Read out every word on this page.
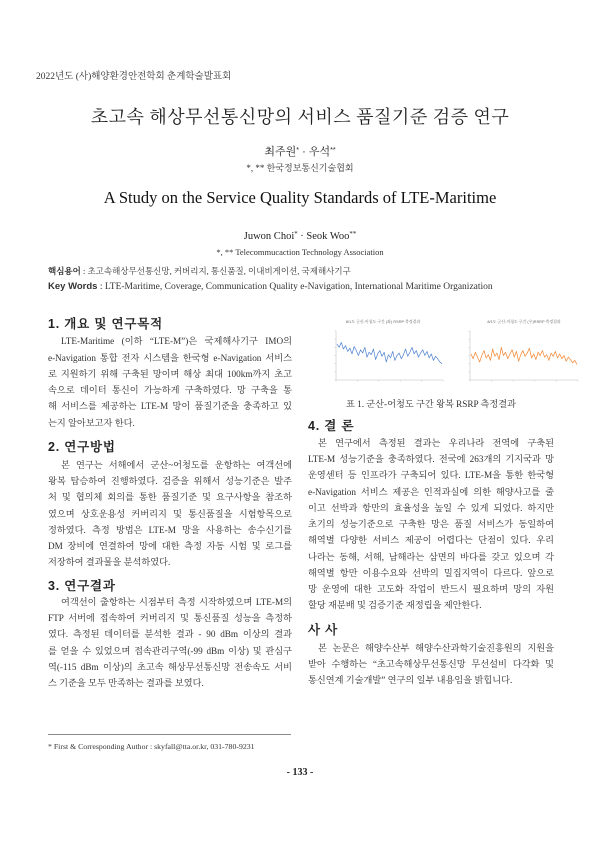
2022년도 (사)해양환경안전학회 춘계학술발표회
초고속 해상무선통신망의 서비스 품질기준 검증 연구
최주원* · 우석**
*, ** 한국정보통신기술협회
A Study on the Service Quality Standards of LTE-Maritime
Juwon Choi* · Seok Woo**
*, ** Telecommucaction Technology Association
핵심용어 : 초고속해상무선통신망, 커버리지, 통신품질, 이내비게이션, 국제해사기구
Key Words : LTE-Maritime, Coverage, Communication Quality e-Navigation, International Maritime Organization
1. 개요 및 연구목적
LTE-Maritime (이하 “LTE-M”)은 국제해사기구 IMO의
e-Navigation 통합 전자 시스템을 한국형 e-Navigation 서비스
로 지원하기 위해 구축된 망이며 해상 최대 100km까지 초고
속으로 데이터 통신이 가능하게 구축하였다. 망 구축을 통
해 서비스를 제공하는 LTE-M 망이 품질기준을 충족하고 있
는지 알아보고자 한다.
2. 연구방법
본 연구는 서해에서 군산~어청도를 운항하는 여객선에
왕복 탑승하여 진행하였다. 검증을 위해서 성능기준은 발주
처 및 협의체 회의를 통한 품질기준 및 요구사항을 참조하
였으며 상호운용성 커버리지 및 통신품질을 시험항목으로
정하였다. 측정 방법은 LTE-M 망을 사용하는 송수신기를
DM 장비에 연결하여 망에 대한 측정 자동 시험 및 로그를
저장하여 결과물을 분석하였다.
3. 연구결과
여객선이 출항하는 시점부터 측정 시작하였으며 LTE-M의
FTP 서버에 접속하여 커버리지 및 통신품질 성능을 측정하
였다. 측정된 데이터를 분석한 결과 - 90 dBm 이상의 결과
를 얻을 수 있었으며 접속관리구역(-99 dBm 이상) 및 관심구
역(-115 dBm 이상)의 초고속 해상무선통신망 전송속도 서비
스 기준을 모두 만족하는 결과를 보였다.
8/1도 군산-어청도 구간 (좌) RSRP 측정결과	8/1도 군산-어청도 구간 (우)RSRP 측정결과
표 1. 군산-어청도 구간 왕복 RSRP 측정결과
4. 결 론
본 연구에서 측정된 결과는 우리나라 전역에 구축된
LTE-M 성능기준을 충족하였다. 전국에 263개의 기지국과 망
운영센터 등 인프라가 구축되어 있다. LTE-M을 통한 한국형
e-Navigation 서비스 제공은 인적과실에 의한 해양사고를 줄
이고 선박과 항만의 효율성을 높일 수 있게 되었다. 하지만
초기의 성능기준으로 구축한 망은 품질 서비스가 동일하여
해역별 다양한 서비스 제공이 어렵다는 단점이 있다. 우리
나라는 동해, 서해, 남해라는 삼면의 바다를 갖고 있으며 각
해역별 항만 이용수요와 선박의 밀집지역이 다르다. 앞으로
망 운영에 대한 고도화 작업이 반드시 필요하며 망의 자원
할당 재분배 및 검증기준 재정립을 제안한다.
사 사
본 논문은 해양수산부 해양수산과학기술진흥원의 지원을
받아 수행하는 “초고속해상무선통신망 무선설비 다각화 및
통신연계 기술개발” 연구의 일부 내용임을 밝힙니다.
* First & Corresponding Author : skyfall@tta.or.kr, 031-780-9231
- 133 -
